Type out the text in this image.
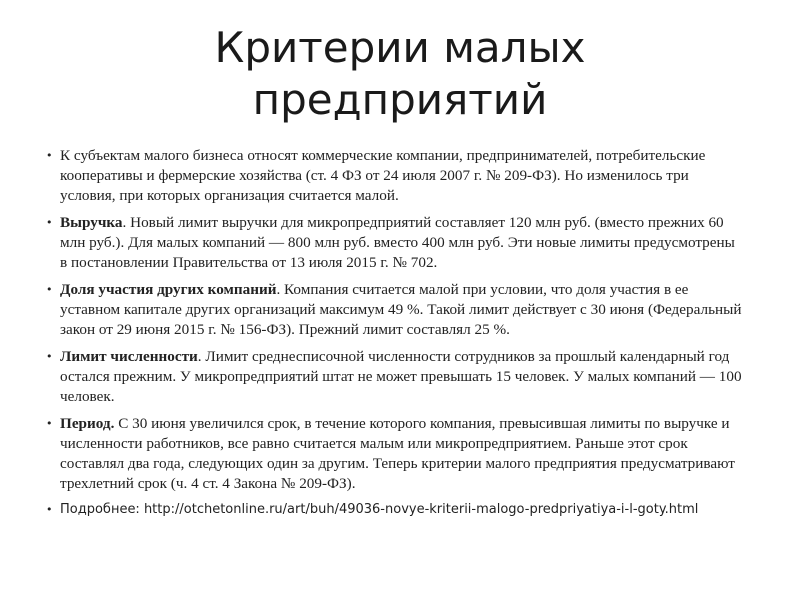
Критерии малых
предприятий
• К субъектам малого бизнеса относят коммерческие компании, предпринимателей, потребительские кооперативы и фермерские хозяйства (ст. 4 ФЗ от 24 июля 2007 г. № 209-ФЗ). Но изменилось три условия, при которых организация считается малой.
• Выручка. Новый лимит выручки для микропредприятий составляет 120 млн руб. (вместо прежних 60 млн руб.). Для малых компаний — 800 млн руб. вместо 400 млн руб. Эти новые лимиты предусмотрены в постановлении Правительства от 13 июля 2015 г. № 702.
• Доля участия других компаний. Компания считается малой при условии, что доля участия в ее уставном капитале других организаций максимум 49 %. Такой лимит действует с 30 июня (Федеральный закон от 29 июня 2015 г. № 156-ФЗ). Прежний лимит составлял 25 %.
• Лимит численности. Лимит среднесписочной численности сотрудников за прошлый календарный год остался прежним. У микропредприятий штат не может превышать 15 человек. У малых компаний — 100 человек.
• Период. С 30 июня увеличился срок, в течение которого компания, превысившая лимиты по выручке и численности работников, все равно считается малым или микропредприятием. Раньше этот срок составлял два года, следующих один за другим. Теперь критерии малого предприятия предусматривают трехлетний срок (ч. 4 ст. 4 Закона № 209-ФЗ).
• Подробнее: http://otchetonline.ru/art/buh/49036-novye-kriterii-malogo-predpriyatiya-i-l-goty.html
